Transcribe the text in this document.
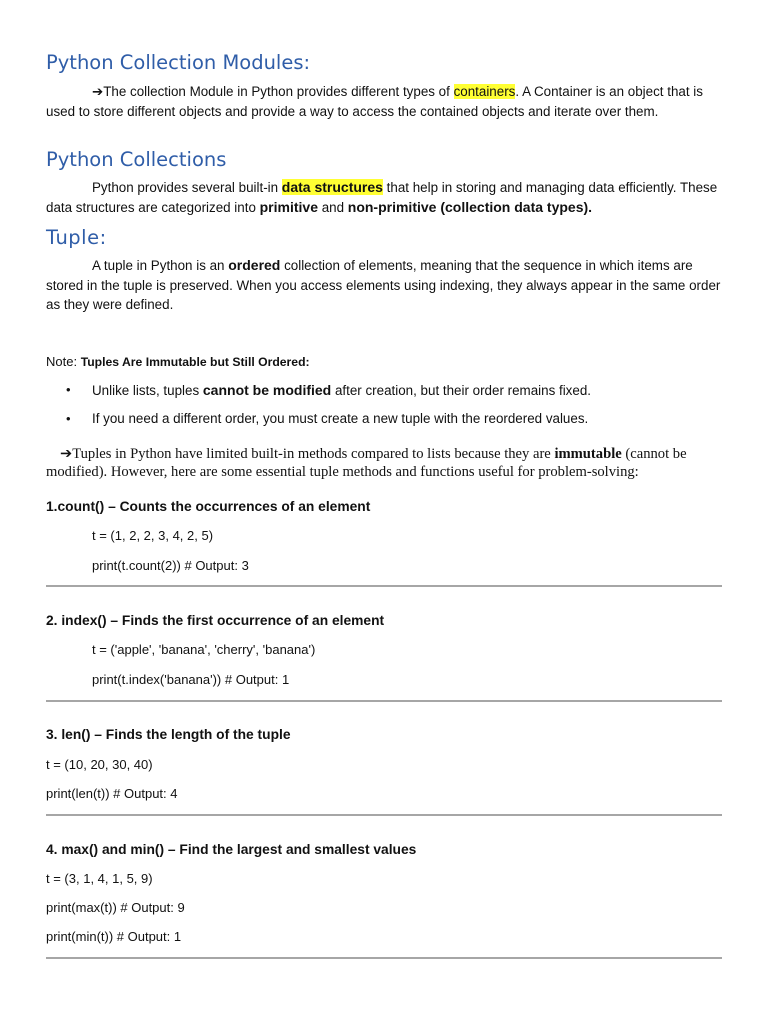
Python Collection Modules:

➔The collection Module in Python provides different types of containers. A Container is an object that is used to store different objects and provide a way to access the contained objects and iterate over them.

Python Collections

Python provides several built-in data structures that help in storing and managing data efficiently. These data structures are categorized into primitive and non-primitive (collection data types).

Tuple:

A tuple in Python is an ordered collection of elements, meaning that the sequence in which items are stored in the tuple is preserved. When you access elements using indexing, they always appear in the same order as they were defined.

Note: Tuples Are Immutable but Still Ordered:

• Unlike lists, tuples cannot be modified after creation, but their order remains fixed.
• If you need a different order, you must create a new tuple with the reordered values.

➔Tuples in Python have limited built-in methods compared to lists because they are immutable (cannot be modified). However, here are some essential tuple methods and functions useful for problem-solving:

1.count() – Counts the occurrences of an element

t = (1, 2, 2, 3, 4, 2, 5)

print(t.count(2)) # Output: 3

2. index() – Finds the first occurrence of an element

t = ('apple', 'banana', 'cherry', 'banana')

print(t.index('banana')) # Output: 1

3. len() – Finds the length of the tuple

t = (10, 20, 30, 40)

print(len(t)) # Output: 4

4. max() and min() – Find the largest and smallest values

t = (3, 1, 4, 1, 5, 9)

print(max(t)) # Output: 9

print(min(t)) # Output: 1
